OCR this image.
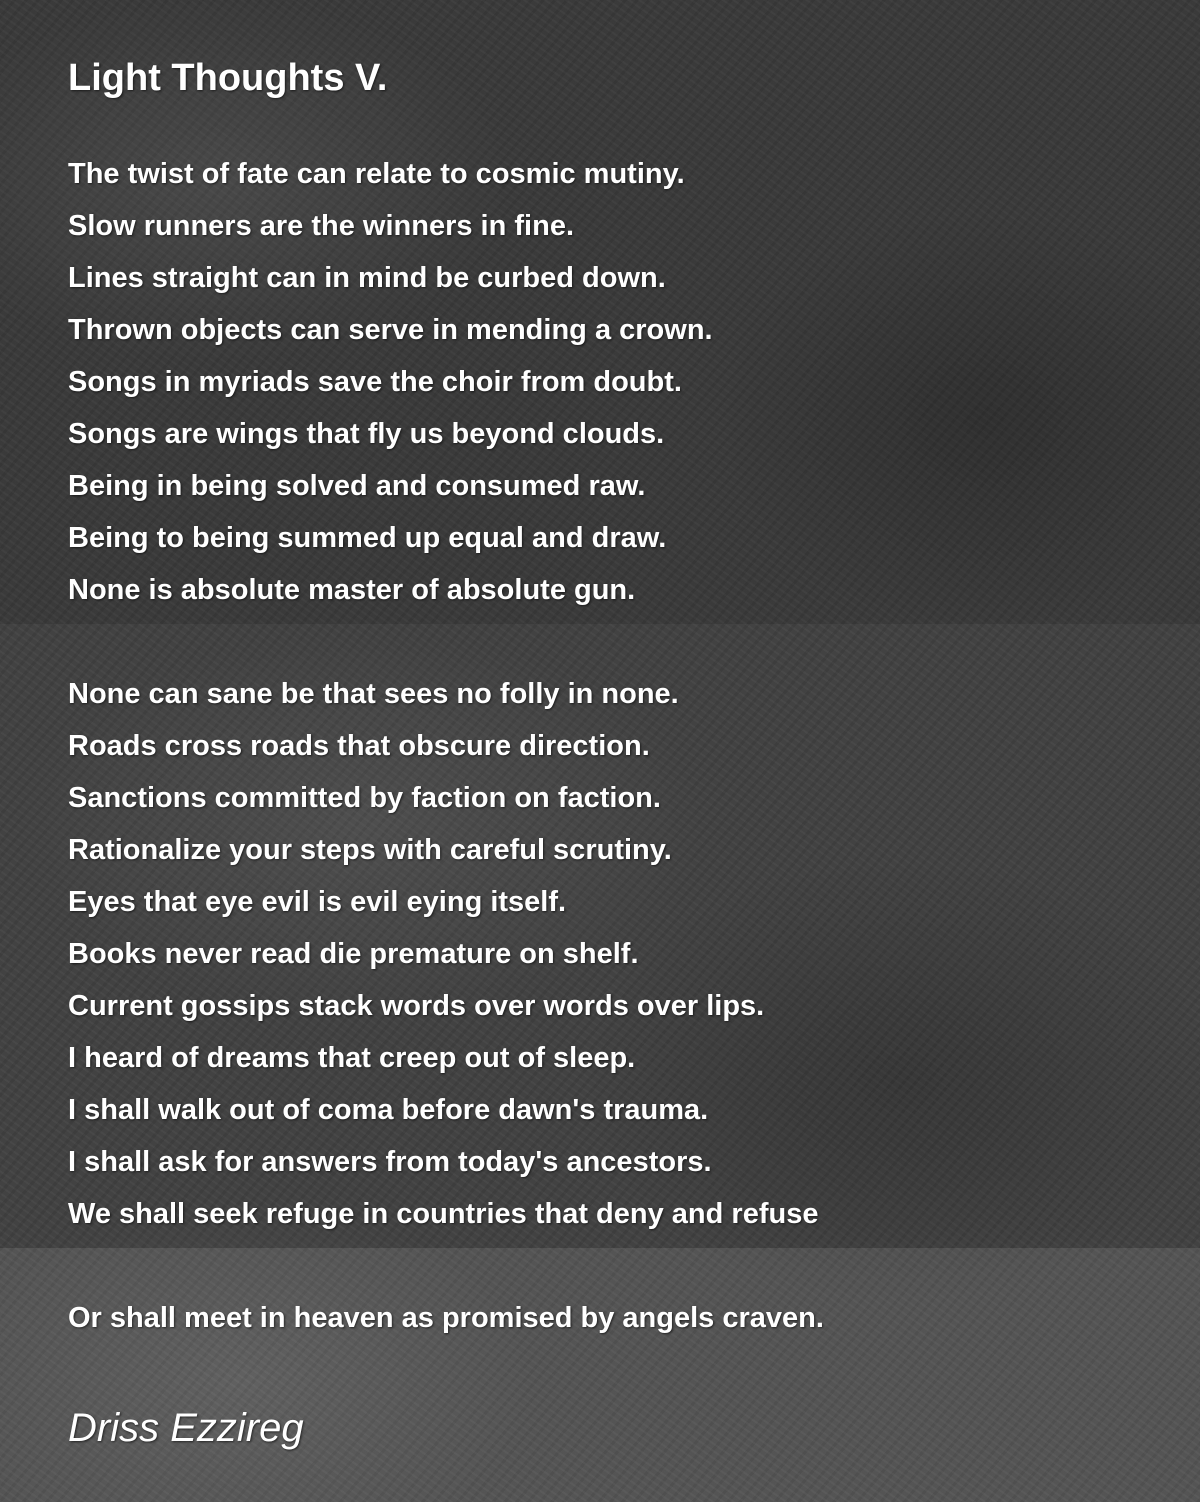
Light Thoughts V.
The twist of fate can relate to cosmic mutiny.
Slow runners are the winners in fine.
Lines straight can in mind be curbed down.
Thrown objects can serve in mending a crown.
Songs in myriads save the choir from doubt.
Songs are wings that fly us beyond clouds.
Being in being solved and consumed raw.
Being to being summed up equal and draw.
None is absolute master of absolute gun.
None can sane be that sees no folly in none.
Roads cross roads that obscure direction.
Sanctions committed by faction on faction.
Rationalize your steps with careful scrutiny.
Eyes that eye evil is evil eying itself.
Books never read die premature on shelf.
Current gossips stack words over words over lips.
I heard of dreams that creep out of sleep.
I shall walk out of coma before dawn's trauma.
I shall ask for answers from today's ancestors.
We shall seek refuge in countries that deny and refuse
Or shall meet in heaven as promised by angels craven.
Driss Ezzireg
